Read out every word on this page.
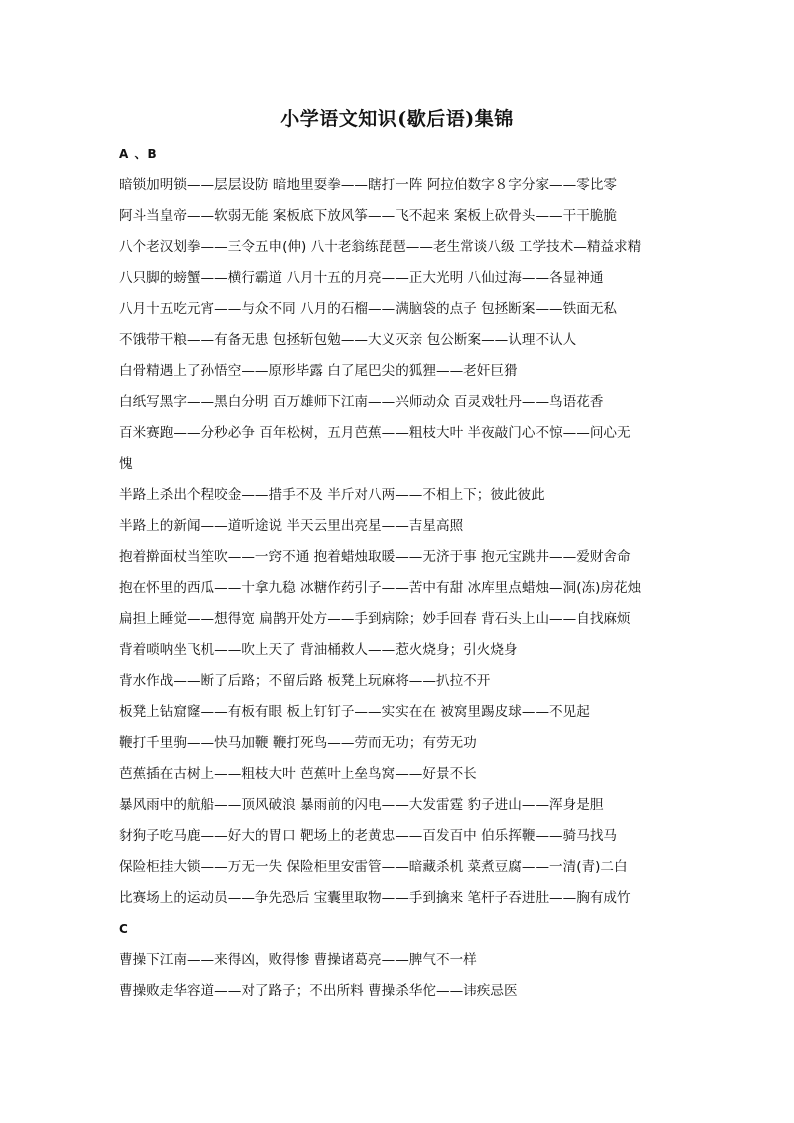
小学语文知识(歇后语)集锦
A 、B
暗锁加明锁——层层设防 暗地里耍拳——瞎打一阵 阿拉伯数字８字分家——零比零
阿斗当皇帝——软弱无能 案板底下放风筝——飞不起来 案板上砍骨头——干干脆脆
八个老汉划拳——三令五申(伸) 八十老翁练琵琶——老生常谈八级 工学技术—精益求精
八只脚的螃蟹——横行霸道 八月十五的月亮——正大光明 八仙过海——各显神通
八月十五吃元宵——与众不同 八月的石榴——满脑袋的点子 包拯断案——铁面无私
不饿带干粮——有备无患 包拯斩包勉——大义灭亲 包公断案——认理不认人
白骨精遇上了孙悟空——原形毕露 白了尾巴尖的狐狸——老奸巨猾
白纸写黑字——黑白分明 百万雄师下江南——兴师动众 百灵戏牡丹——鸟语花香
百米赛跑——分秒必争 百年松树，五月芭蕉——粗枝大叶 半夜敲门心不惊——问心无
愧
半路上杀出个程咬金——措手不及 半斤对八两——不相上下；彼此彼此
半路上的新闻——道听途说 半天云里出亮星——吉星高照
抱着擀面杖当笙吹——一窍不通 抱着蜡烛取暖——无济于事 抱元宝跳井——爱财舍命
抱在怀里的西瓜——十拿九稳 冰糖作药引子——苦中有甜 冰库里点蜡烛—洞(冻)房花烛
扁担上睡觉——想得宽 扁鹊开处方——手到病除；妙手回春 背石头上山——自找麻烦
背着唢呐坐飞机——吹上天了 背油桶救人——惹火烧身；引火烧身
背水作战——断了后路；不留后路 板凳上玩麻将——扒拉不开
板凳上钻窟窿——有板有眼 板上钉钉子——实实在在 被窝里踢皮球——不见起
鞭打千里驹——快马加鞭 鞭打死鸟——劳而无功；有劳无功
芭蕉插在古树上——粗枝大叶 芭蕉叶上垒鸟窝——好景不长
暴风雨中的航船——顶风破浪 暴雨前的闪电——大发雷霆 豹子进山——浑身是胆
豺狗子吃马鹿——好大的胃口 靶场上的老黄忠——百发百中 伯乐挥鞭——骑马找马
保险柜挂大锁——万无一失 保险柜里安雷管——暗藏杀机 菜煮豆腐——一清(青)二白
比赛场上的运动员——争先恐后 宝囊里取物——手到擒来 笔杆子吞进肚——胸有成竹
C
曹操下江南——来得凶，败得惨 曹操诸葛亮——脾气不一样
曹操败走华容道——对了路子；不出所料 曹操杀华佗——讳疾忌医
